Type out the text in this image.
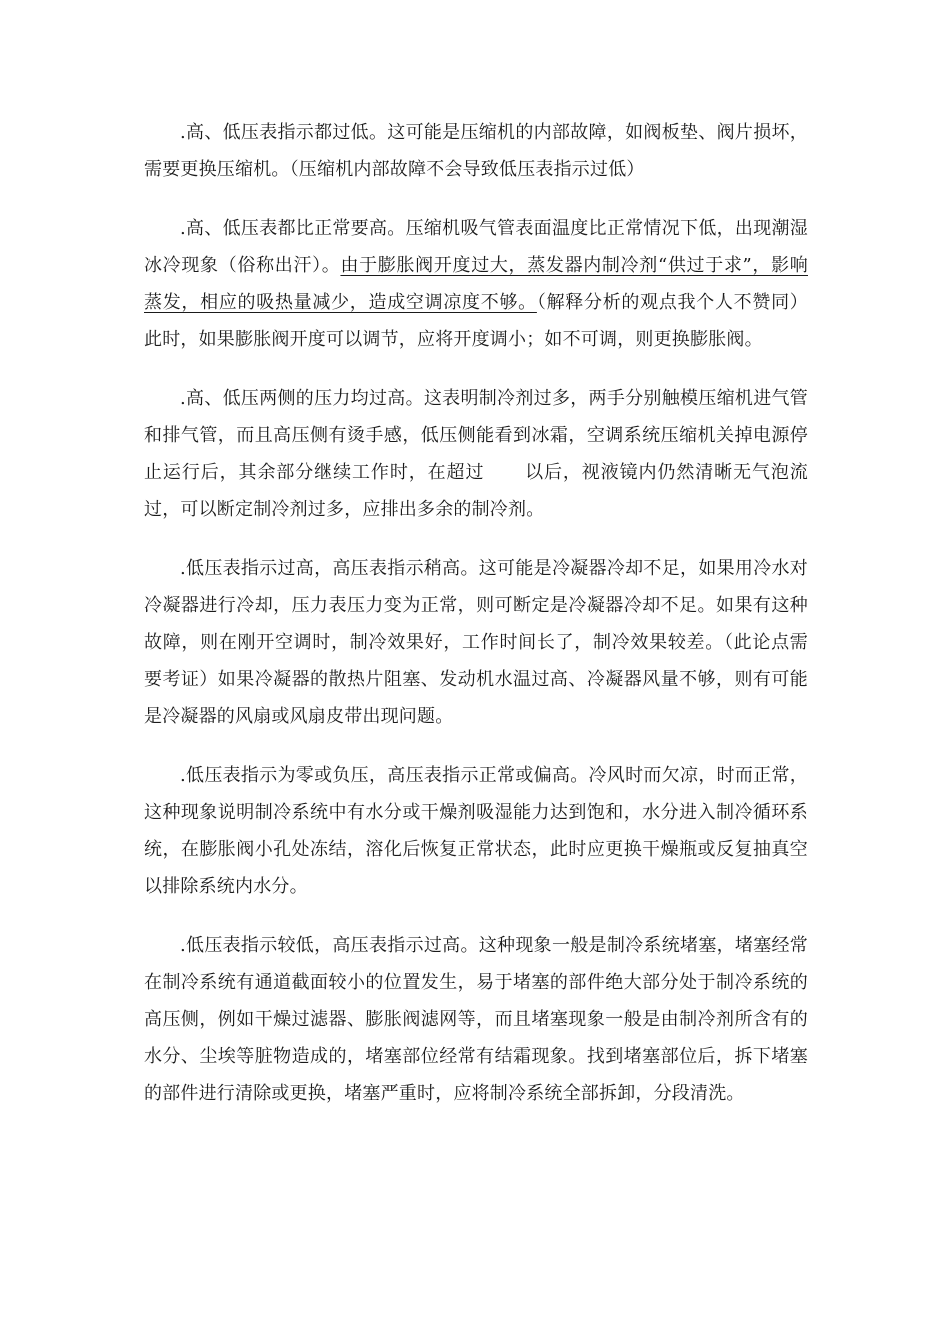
.高、低压表指示都过低。这可能是压缩机的内部故障，如阀板垫、阀片损坏，需要更换压缩机。（压缩机内部故障不会导致低压表指示过低）

.高、低压表都比正常要高。压缩机吸气管表面温度比正常情况下低，出现潮湿冰冷现象（俗称出汗）。由于膨胀阀开度过大，蒸发器内制冷剂“供过于求”，影响蒸发，相应的吸热量减少，造成空调凉度不够。（解释分析的观点我个人不赞同）此时，如果膨胀阀开度可以调节，应将开度调小；如不可调，则更换膨胀阀。

.高、低压两侧的压力均过高。这表明制冷剂过多，两手分别触模压缩机进气管和排气管，而且高压侧有烫手感，低压侧能看到冰霜，空调系统压缩机关掉电源停止运行后，其余部分继续工作时，在超过 以后，视液镜内仍然清晰无气泡流过，可以断定制冷剂过多，应排出多余的制冷剂。

.低压表指示过高，高压表指示稍高。这可能是冷凝器冷却不足，如果用冷水对冷凝器进行冷却，压力表压力变为正常，则可断定是冷凝器冷却不足。如果有这种故障，则在刚开空调时，制冷效果好，工作时间长了，制冷效果较差。（此论点需要考证）如果冷凝器的散热片阻塞、发动机水温过高、冷凝器风量不够，则有可能是冷凝器的风扇或风扇皮带出现问题。

.低压表指示为零或负压，高压表指示正常或偏高。冷风时而欠凉，时而正常，这种现象说明制冷系统中有水分或干燥剂吸湿能力达到饱和，水分进入制冷循环系统，在膨胀阀小孔处冻结，溶化后恢复正常状态，此时应更换干燥瓶或反复抽真空以排除系统内水分。

.低压表指示较低，高压表指示过高。这种现象一般是制冷系统堵塞，堵塞经常在制冷系统有通道截面较小的位置发生，易于堵塞的部件绝大部分处于制冷系统的高压侧，例如干燥过滤器、膨胀阀滤网等，而且堵塞现象一般是由制冷剂所含有的水分、尘埃等脏物造成的，堵塞部位经常有结霜现象。找到堵塞部位后，拆下堵塞的部件进行清除或更换，堵塞严重时，应将制冷系统全部拆卸，分段清洗。
